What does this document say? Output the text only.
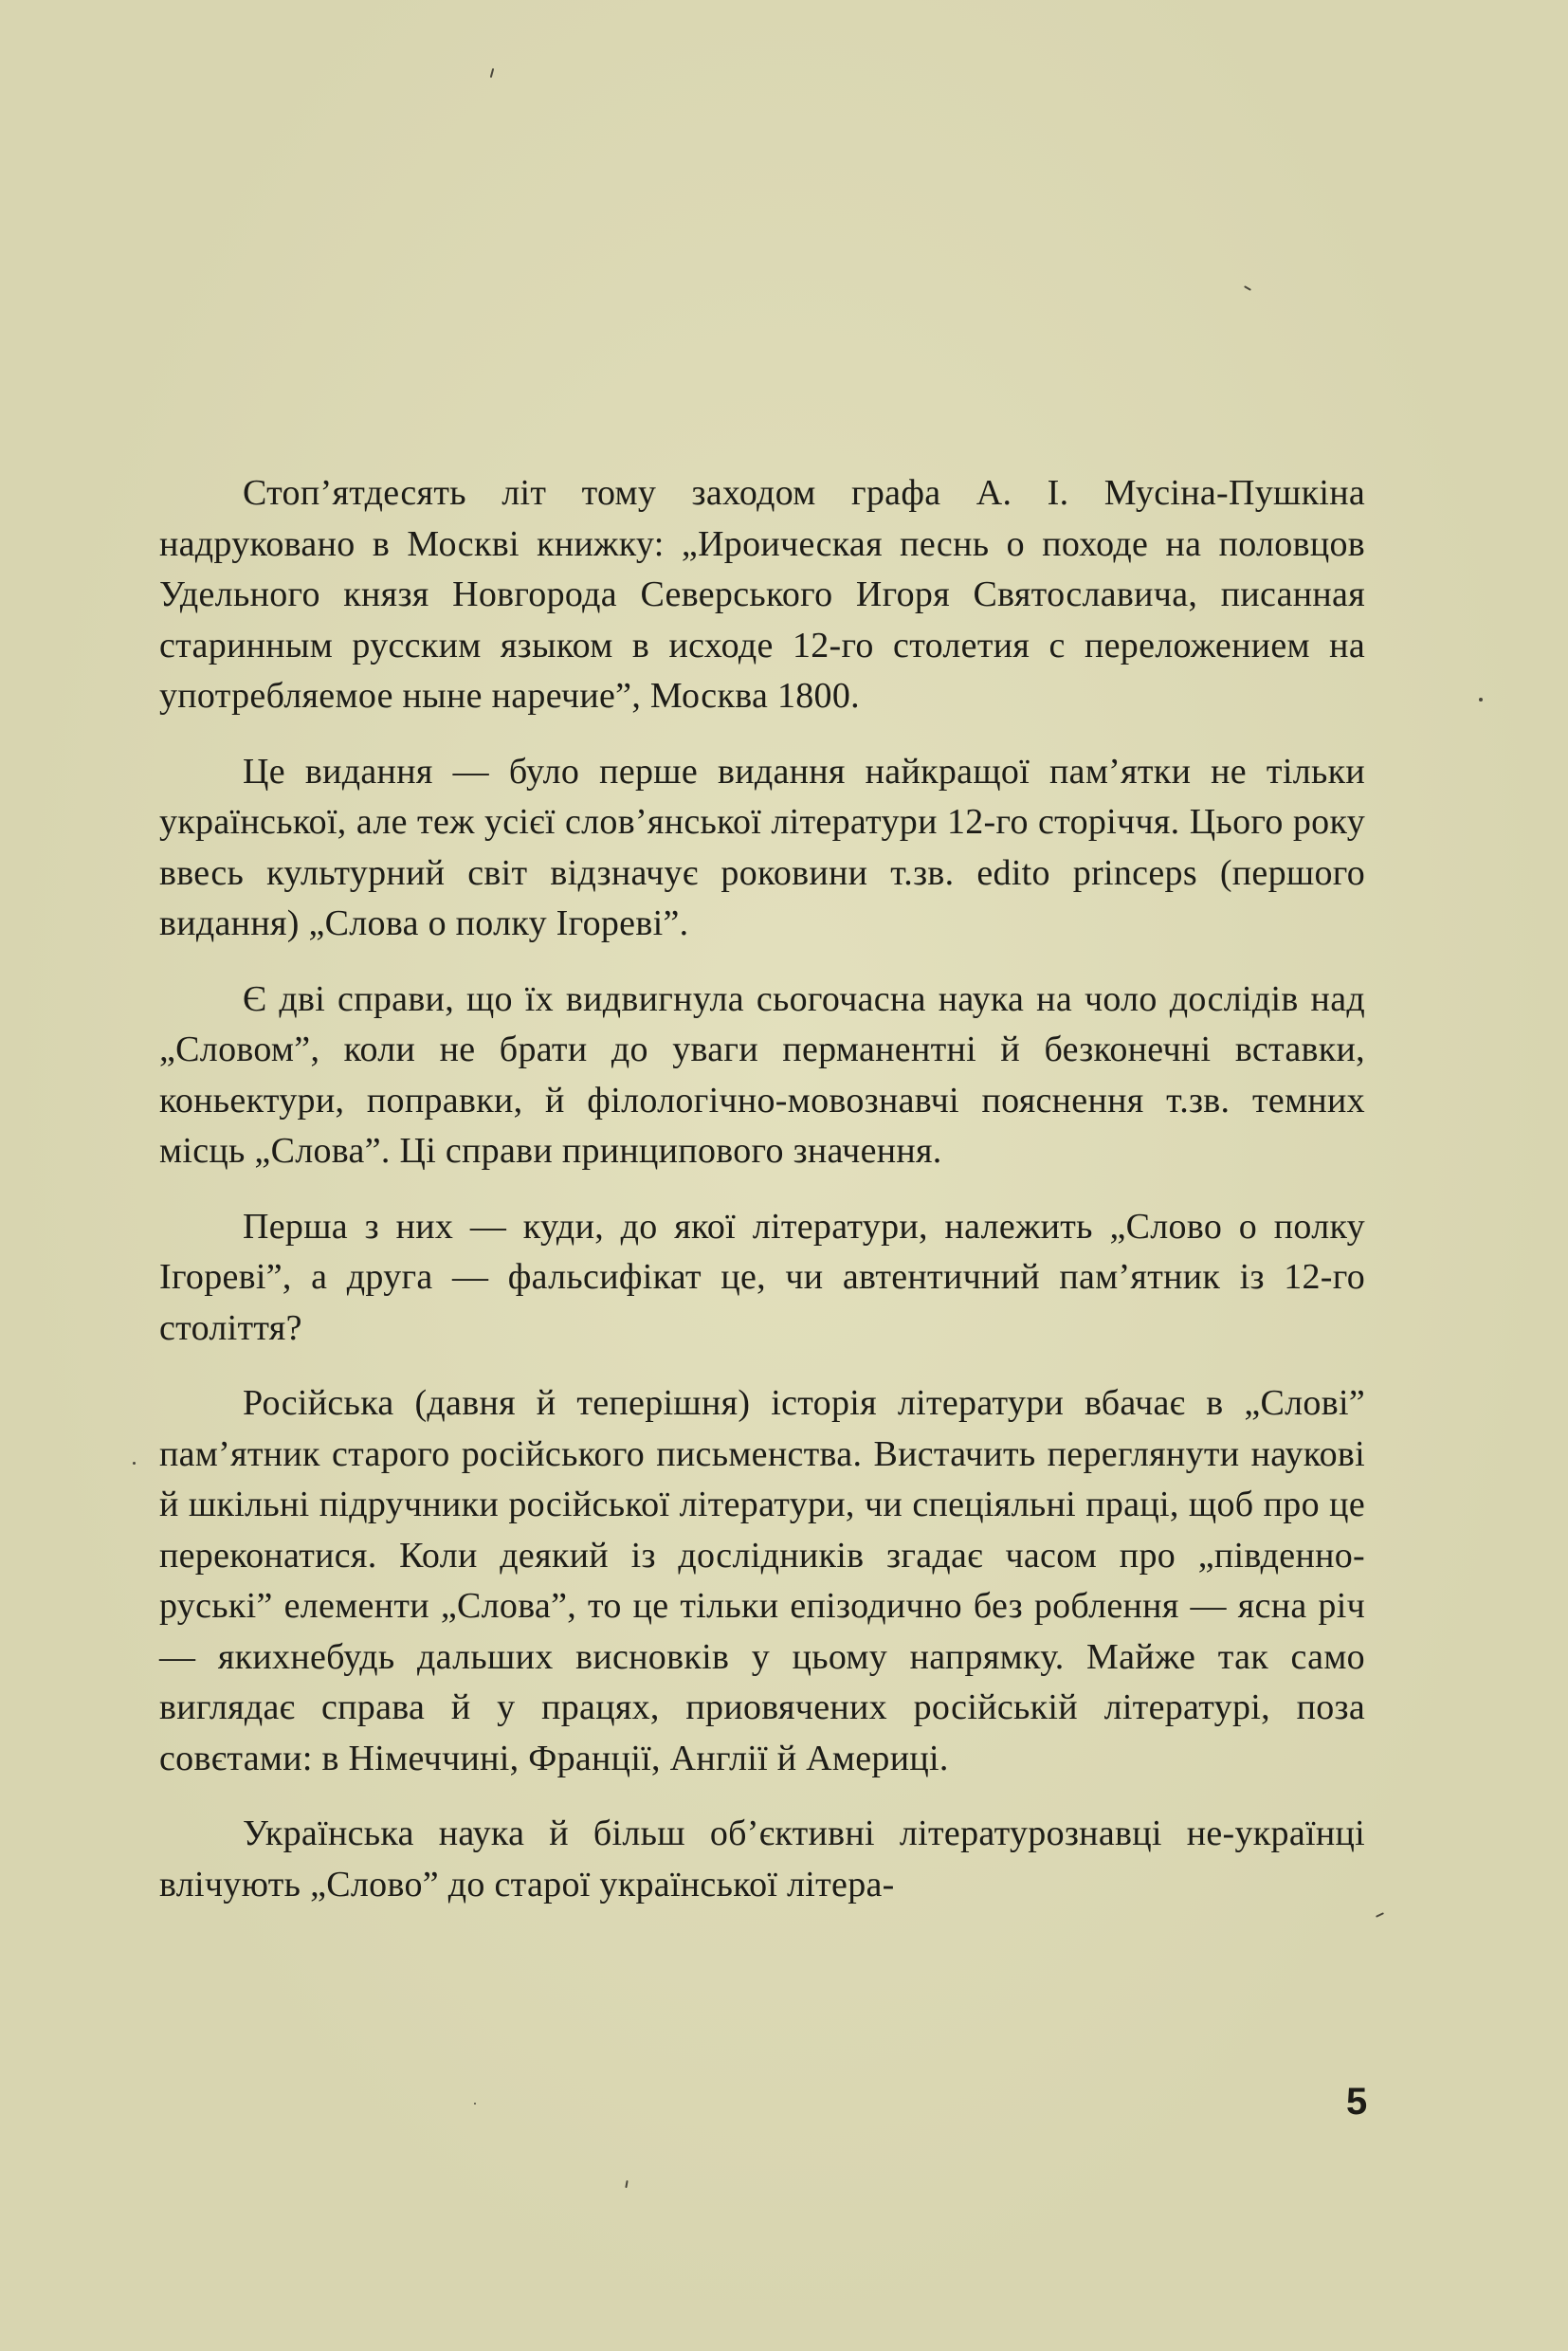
Стоп’ятдесять літ тому заходом графа А. І. Мусіна-Пушкіна надруковано в Москві книжку: „Ироическая песнь о походе на половцов Удельного князя Новгорода Северського Игоря Святославича, писанная старинным русским языком в исходе 12-го столетия с переложением на употребляемое ныне наречие”, Москва 1800.

Це видання — було перше видання найкращої пам’ятки не тільки української, але теж усієї слов’янської літератури 12-го сторіччя. Цього року ввесь культурний світ відзначує роковини т.зв. edito princeps (першого видання) „Слова о полку Ігореві”.

Є дві справи, що їх видвигнула сьогочасна наука на чоло дослідів над „Словом”, коли не брати до уваги перманентні й безконечні вставки, коньектури, поправки, й філологічно-мовознавчі пояснення т.зв. темних місць „Слова”. Ці справи принципового значення.

Перша з них — куди, до якої літератури, належить „Слово о полку Ігореві”, а друга — фальсифікат це, чи автентичний пам’ятник із 12-го століття?

Російська (давня й теперішня) історія літератури вбачає в „Слові” пам’ятник старого російського письменства. Вистачить переглянути наукові й шкільні підручники російської літератури, чи спеціяльні праці, щоб про це переконатися. Коли деякий із дослідників згадає часом про „південно-руські” елементи „Слова”, то це тільки епізодично без роблення — ясна річ — якихнебудь дальших висновків у цьому напрямку. Майже так само виглядає справа й у працях, приовячених російській літературі, поза совєтами: в Німеччині, Франції, Англії й Америці.

Українська наука й більш об’єктивні літературознавці не-українці влічують „Слово” до старої української літера-

5
